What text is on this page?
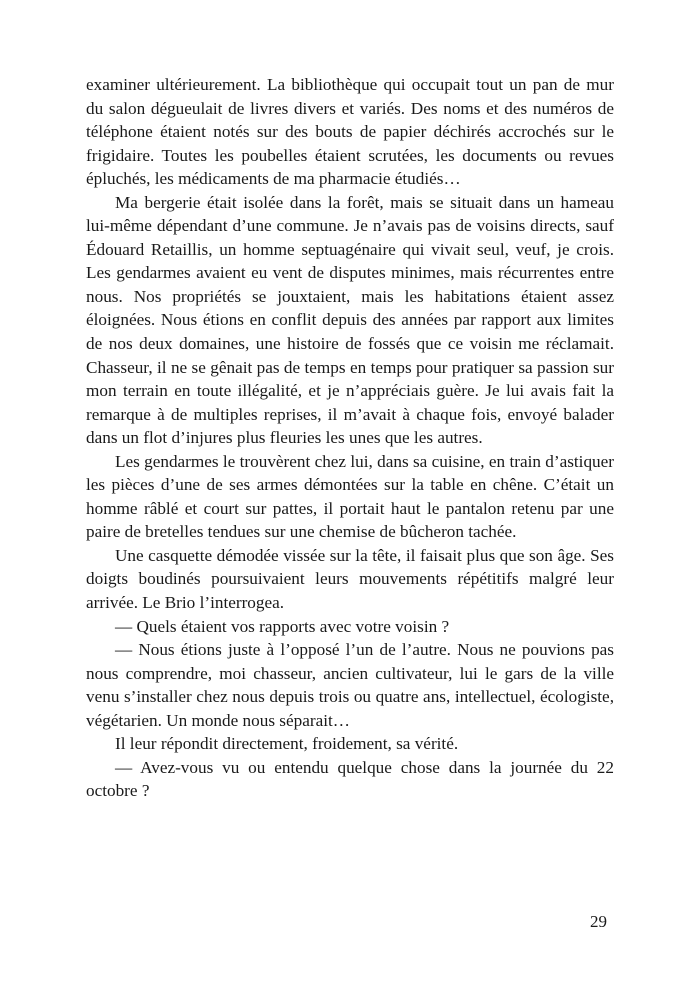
examiner ultérieurement. La bibliothèque qui occupait tout un pan de mur du salon dégueulait de livres divers et variés. Des noms et des numéros de téléphone étaient notés sur des bouts de papier déchirés accrochés sur le frigidaire. Toutes les poubelles étaient scrutées, les documents ou revues épluchés, les médicaments de ma pharmacie étudiés…

Ma bergerie était isolée dans la forêt, mais se situait dans un hameau lui-même dépendant d’une commune. Je n’avais pas de voisins directs, sauf Édouard Retaillis, un homme septuagénaire qui vivait seul, veuf, je crois. Les gendarmes avaient eu vent de disputes minimes, mais récurrentes entre nous. Nos propriétés se jouxtaient, mais les habitations étaient assez éloignées. Nous étions en conflit depuis des années par rapport aux limites de nos deux domaines, une histoire de fossés que ce voisin me réclamait. Chasseur, il ne se gênait pas de temps en temps pour pratiquer sa passion sur mon terrain en toute illégalité, et je n’appréciais guère. Je lui avais fait la remarque à de multiples reprises, il m’avait à chaque fois, envoyé balader dans un flot d’injures plus fleuries les unes que les autres.

Les gendarmes le trouvèrent chez lui, dans sa cuisine, en train d’astiquer les pièces d’une de ses armes démontées sur la table en chêne. C’était un homme râblé et court sur pattes, il portait haut le pantalon retenu par une paire de bretelles tendues sur une chemise de bûcheron tachée.

Une casquette démodée vissée sur la tête, il faisait plus que son âge. Ses doigts boudinés poursuivaient leurs mouvements répétitifs malgré leur arrivée. Le Brio l’interrogea.

— Quels étaient vos rapports avec votre voisin ?

— Nous étions juste à l’opposé l’un de l’autre. Nous ne pouvions pas nous comprendre, moi chasseur, ancien cultivateur, lui le gars de la ville venu s’installer chez nous depuis trois ou quatre ans, intellectuel, écologiste, végétarien. Un monde nous séparait…

Il leur répondit directement, froidement, sa vérité.

— Avez-vous vu ou entendu quelque chose dans la journée du 22 octobre ?

29
